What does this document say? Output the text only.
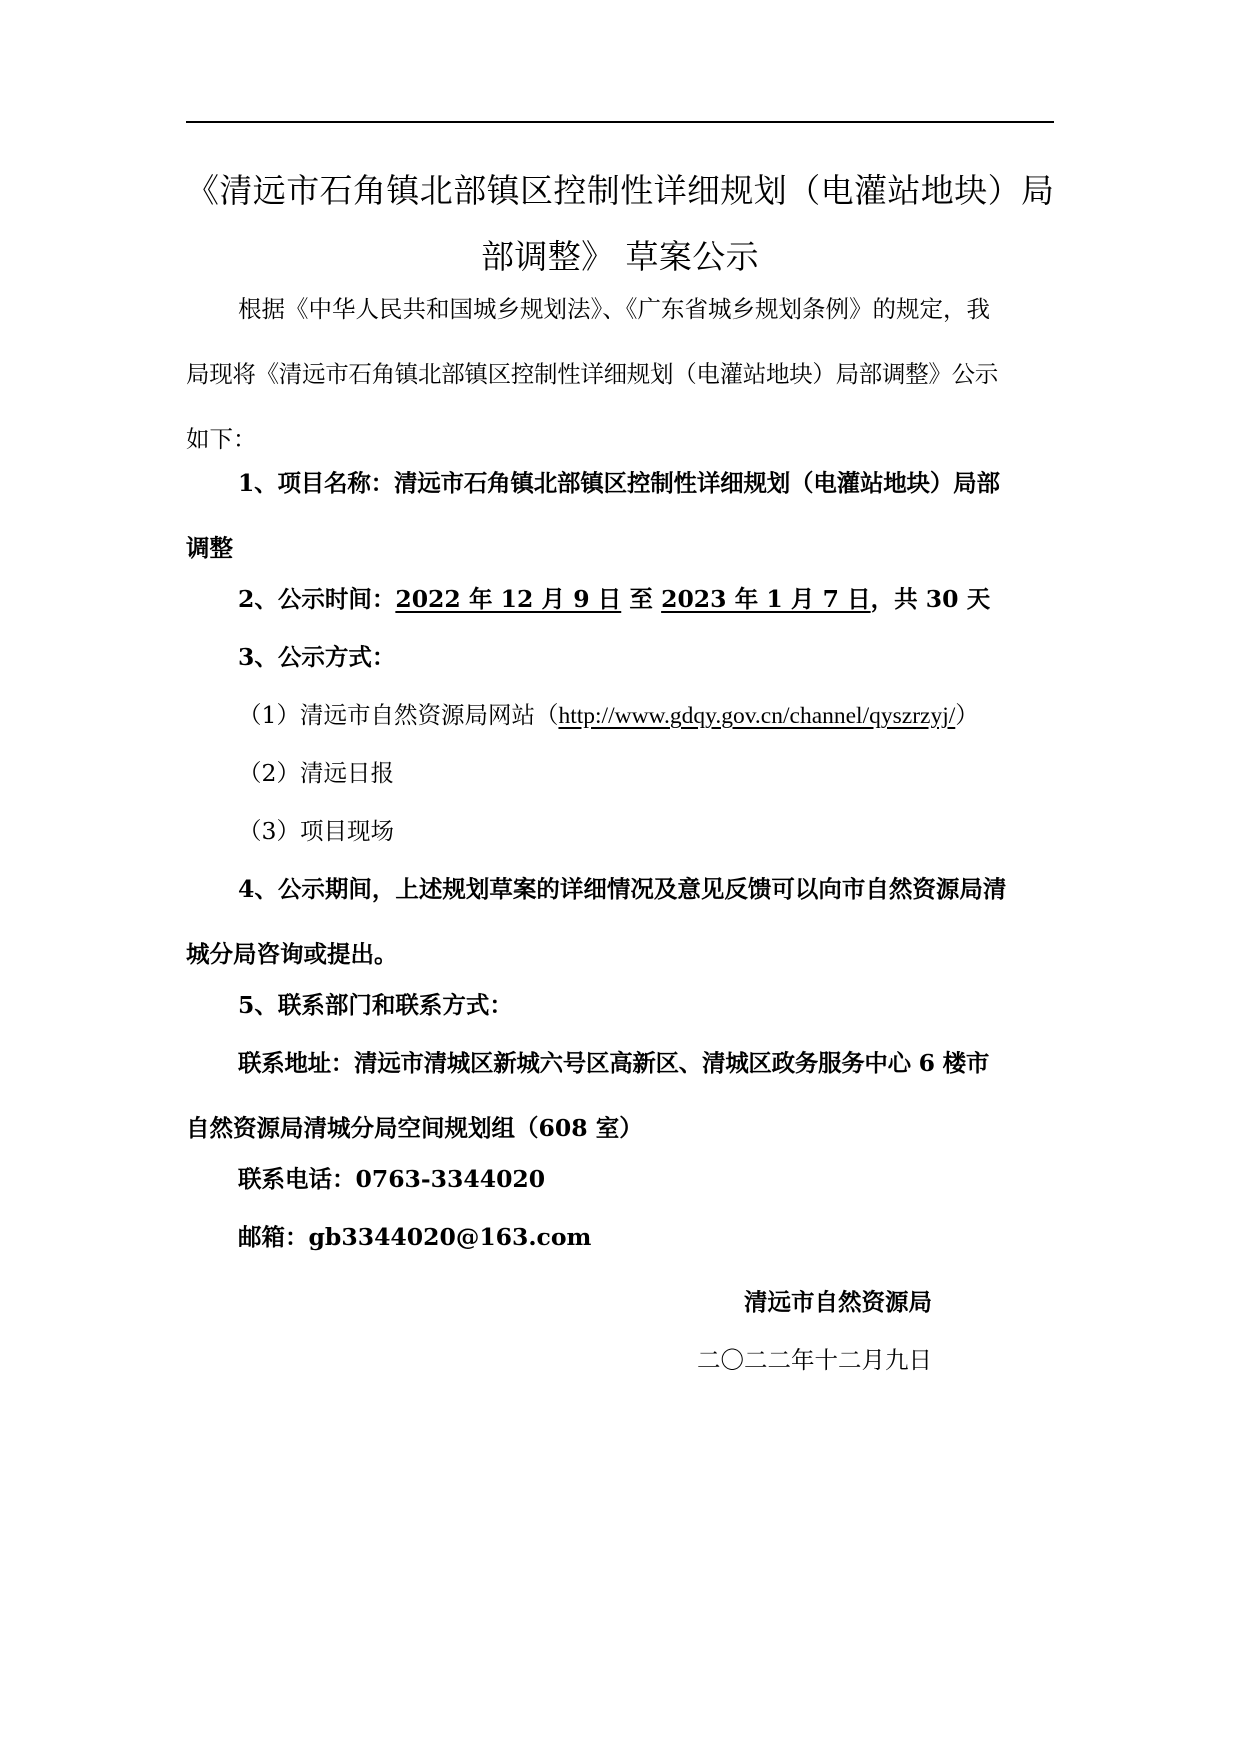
《清远市石角镇北部镇区控制性详细规划（电灌站地块）局
部调整》 草案公示
根据《中华人民共和国城乡规划法》、《广东省城乡规划条例》的规定，我
局现将《清远市石角镇北部镇区控制性详细规划（电灌站地块）局部调整》公示
如下：
1、项目名称：清远市石角镇北部镇区控制性详细规划（电灌站地块）局部
调整
2、公示时间：2022 年 12 月 9 日 至 2023 年 1 月 7 日，共 30 天
3、公示方式：
（1）清远市自然资源局网站（http://www.gdqy.gov.cn/channel/qyszrzyj/）
（2）清远日报
（3）项目现场
4、公示期间，上述规划草案的详细情况及意见反馈可以向市自然资源局清
城分局咨询或提出。
5、联系部门和联系方式：
联系地址：清远市清城区新城六号区高新区、清城区政务服务中心 6 楼市
自然资源局清城分局空间规划组（608 室）
联系电话：0763-3344020
邮箱：gb3344020@163.com
清远市自然资源局
二〇二二年十二月九日
